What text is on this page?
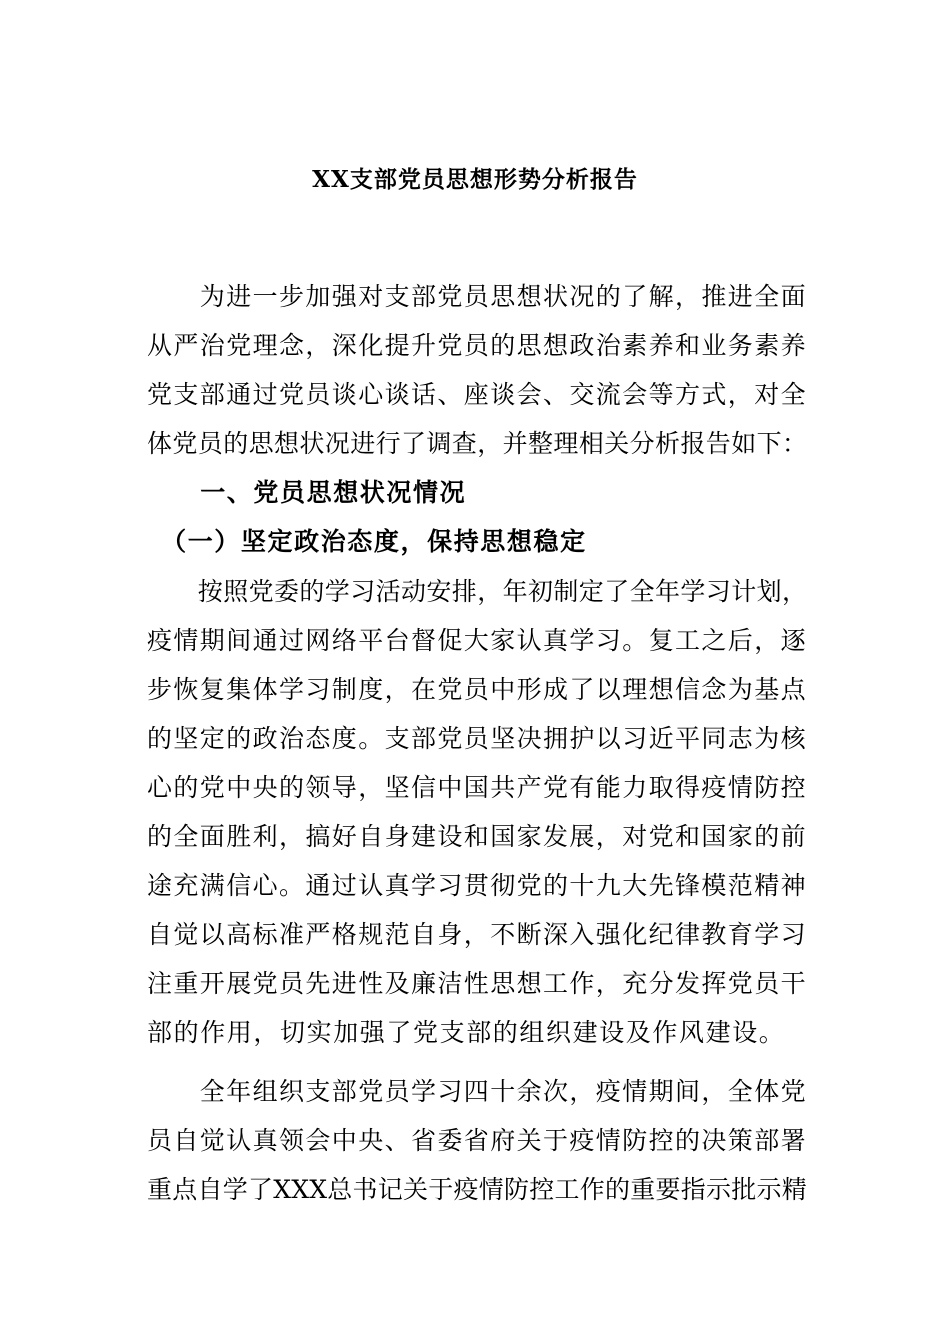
XX支部党员思想形势分析报告
　　为进一步加强对支部党员思想状况的了解，推进全面
从严治党理念，深化提升党员的思想政治素养和业务素养
党支部通过党员谈心谈话、座谈会、交流会等方式，对全
体党员的思想状况进行了调查，并整理相关分析报告如下：
　　一、党员思想状况情况
　（一）坚定政治态度，保持思想稳定
　　按照党委的学习活动安排，年初制定了全年学习计划，
疫情期间通过网络平台督促大家认真学习。复工之后，逐
步恢复集体学习制度，在党员中形成了以理想信念为基点
的坚定的政治态度。支部党员坚决拥护以习近平同志为核
心的党中央的领导，坚信中国共产党有能力取得疫情防控
的全面胜利，搞好自身建设和国家发展，对党和国家的前
途充满信心。通过认真学习贯彻党的十九大先锋模范精神
自觉以高标准严格规范自身，不断深入强化纪律教育学习
注重开展党员先进性及廉洁性思想工作，充分发挥党员干
部的作用，切实加强了党支部的组织建设及作风建设。
　　全年组织支部党员学习四十余次，疫情期间，全体党
员自觉认真领会中央、省委省府关于疫情防控的决策部署
重点自学了XXX总书记关于疫情防控工作的重要指示批示精
